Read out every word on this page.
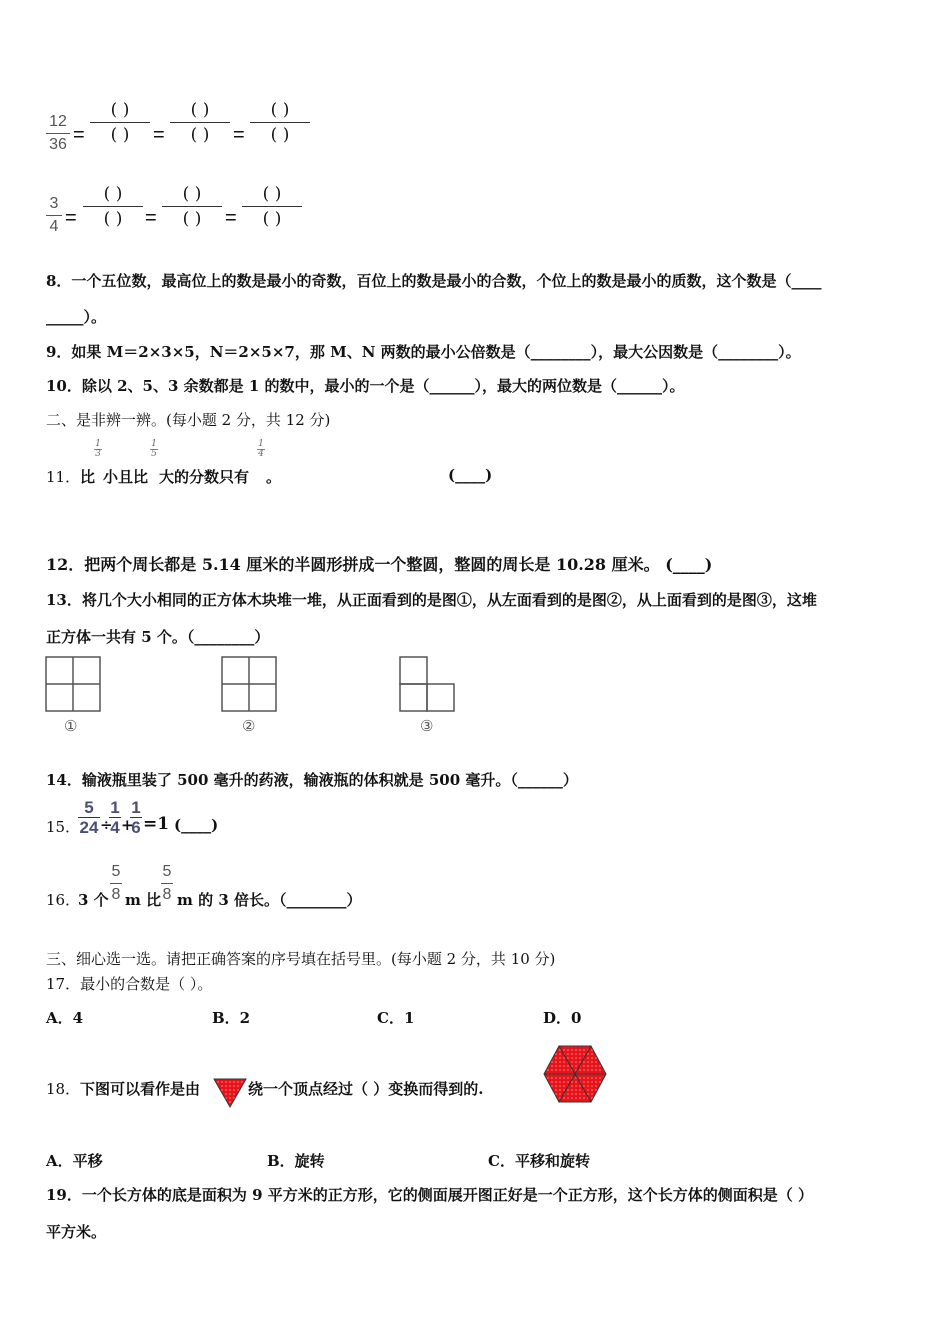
12
36 =
( )
( )	=
( )
( )	=
( )
( )
3
4 =
( )
( )	=
( )
( )	=
( )
( )
8．一个五位数，最高位上的数是最小的奇数，百位上的数是最小的合数，个位上的数是最小的质数，这个数是（____
_____）。
9．如果 M＝2×3×5，N＝2×5×7，那 M、N 两数的最小公倍数是（________），最大公因数是（________）。
10．除以 2、5、3 余数都是 1 的数中，最小的一个是（______），最大的两位数是（______）。
二、是非辨一辨。(每小题 2 分，共 12 分)
11． 比
1
3
小且比
1
5
大的分数只有
1
4
。	(____)
12．把两个周长都是 5.14 厘米的半圆形拼成一个整圆，整圆的周长是 10.28 厘米。 (____)
13．将几个大小相同的正方体木块堆一堆，从正面看到的是图①，从左面看到的是图②，从上面看到的是图③，这堆
正方体一共有 5 个。（________）
①	②	③
14．输液瓶里装了 500 毫升的药液，输液瓶的体积就是 500 毫升。（______）
15．
5
24 ÷
1
4 +
1
6 =1 (____)
16．
3 个
5
8 m 比
5
8 m 的 3 倍长。（________）
三、细心选一选。请把正确答案的序号填在括号里。(每小题 2 分，共 10 分)
17．最小的合数是（ ）。
A．4	B．2	C．1	D．0
18． 下图可以看作是由	绕一个顶点经过（ ）变换而得到的.
A．平移	B．旋转	C．平移和旋转
19．一个长方体的底是面积为 9 平方米的正方形，它的侧面展开图正好是一个正方形，这个长方体的侧面积是（ ）
平方米。
